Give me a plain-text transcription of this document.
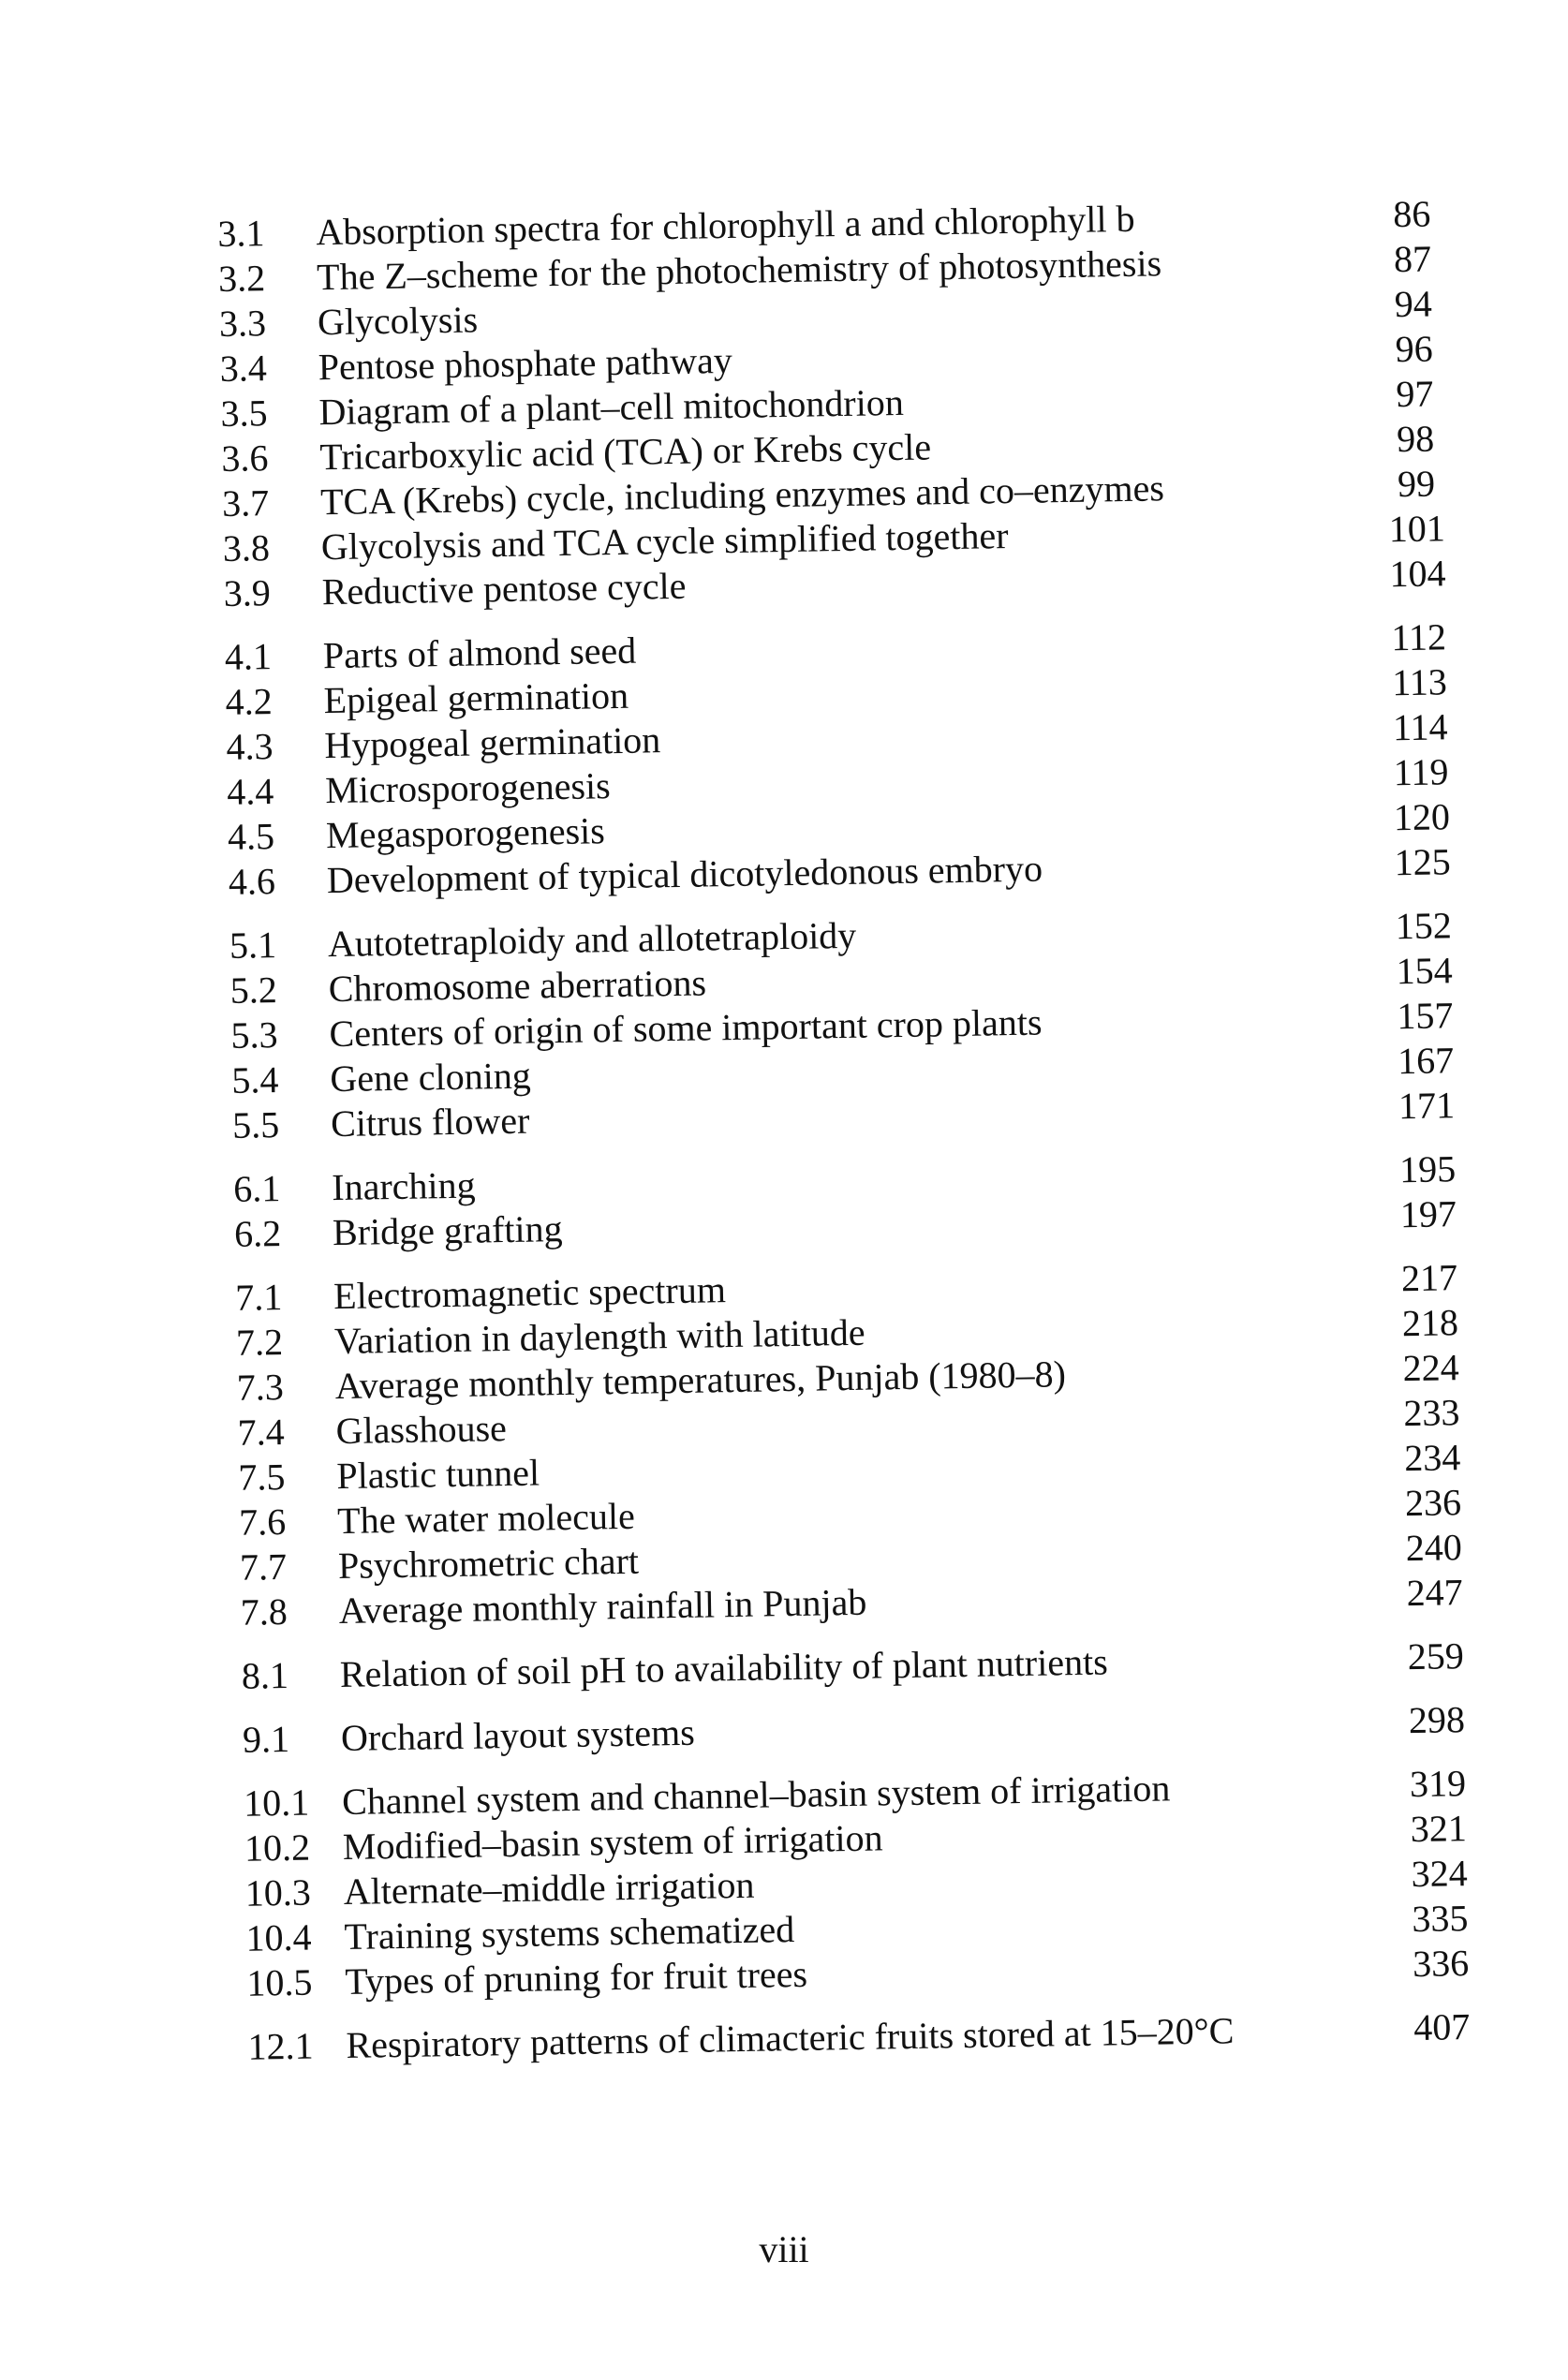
3.1	Absorption spectra for chlorophyll a and chlorophyll b	86
3.2	The Z–scheme for the photochemistry of photosynthesis	87
3.3	Glycolysis	94
3.4	Pentose phosphate pathway	96
3.5	Diagram of a plant–cell mitochondrion	97
3.6	Tricarboxylic acid (TCA) or Krebs cycle	98
3.7	TCA (Krebs) cycle, including enzymes and co–enzymes	99
3.8	Glycolysis and TCA cycle simplified together	101
3.9	Reductive pentose cycle	104
4.1	Parts of almond seed	112
4.2	Epigeal germination	113
4.3	Hypogeal germination	114
4.4	Microsporogenesis	119
4.5	Megasporogenesis	120
4.6	Development of typical dicotyledonous embryo	125
5.1	Autotetraploidy and allotetraploidy	152
5.2	Chromosome aberrations	154
5.3	Centers of origin of some important crop plants	157
5.4	Gene cloning	167
5.5	Citrus flower	171
6.1	Inarching	195
6.2	Bridge grafting	197
7.1	Electromagnetic spectrum	217
7.2	Variation in daylength with latitude	218
7.3	Average monthly temperatures, Punjab (1980–8)	224
7.4	Glasshouse	233
7.5	Plastic tunnel	234
7.6	The water molecule	236
7.7	Psychrometric chart	240
7.8	Average monthly rainfall in Punjab	247
8.1	Relation of soil pH to availability of plant nutrients	259
9.1	Orchard layout systems	298
10.1 Channel system and channel–basin system of irrigation	319
10.2 Modified–basin system of irrigation	321
10.3 Alternate–middle irrigation	324
10.4 Training systems schematized	335
10.5 Types of pruning for fruit trees	336
12.1 Respiratory patterns of climacteric fruits stored at 15–20°C	407
viii
